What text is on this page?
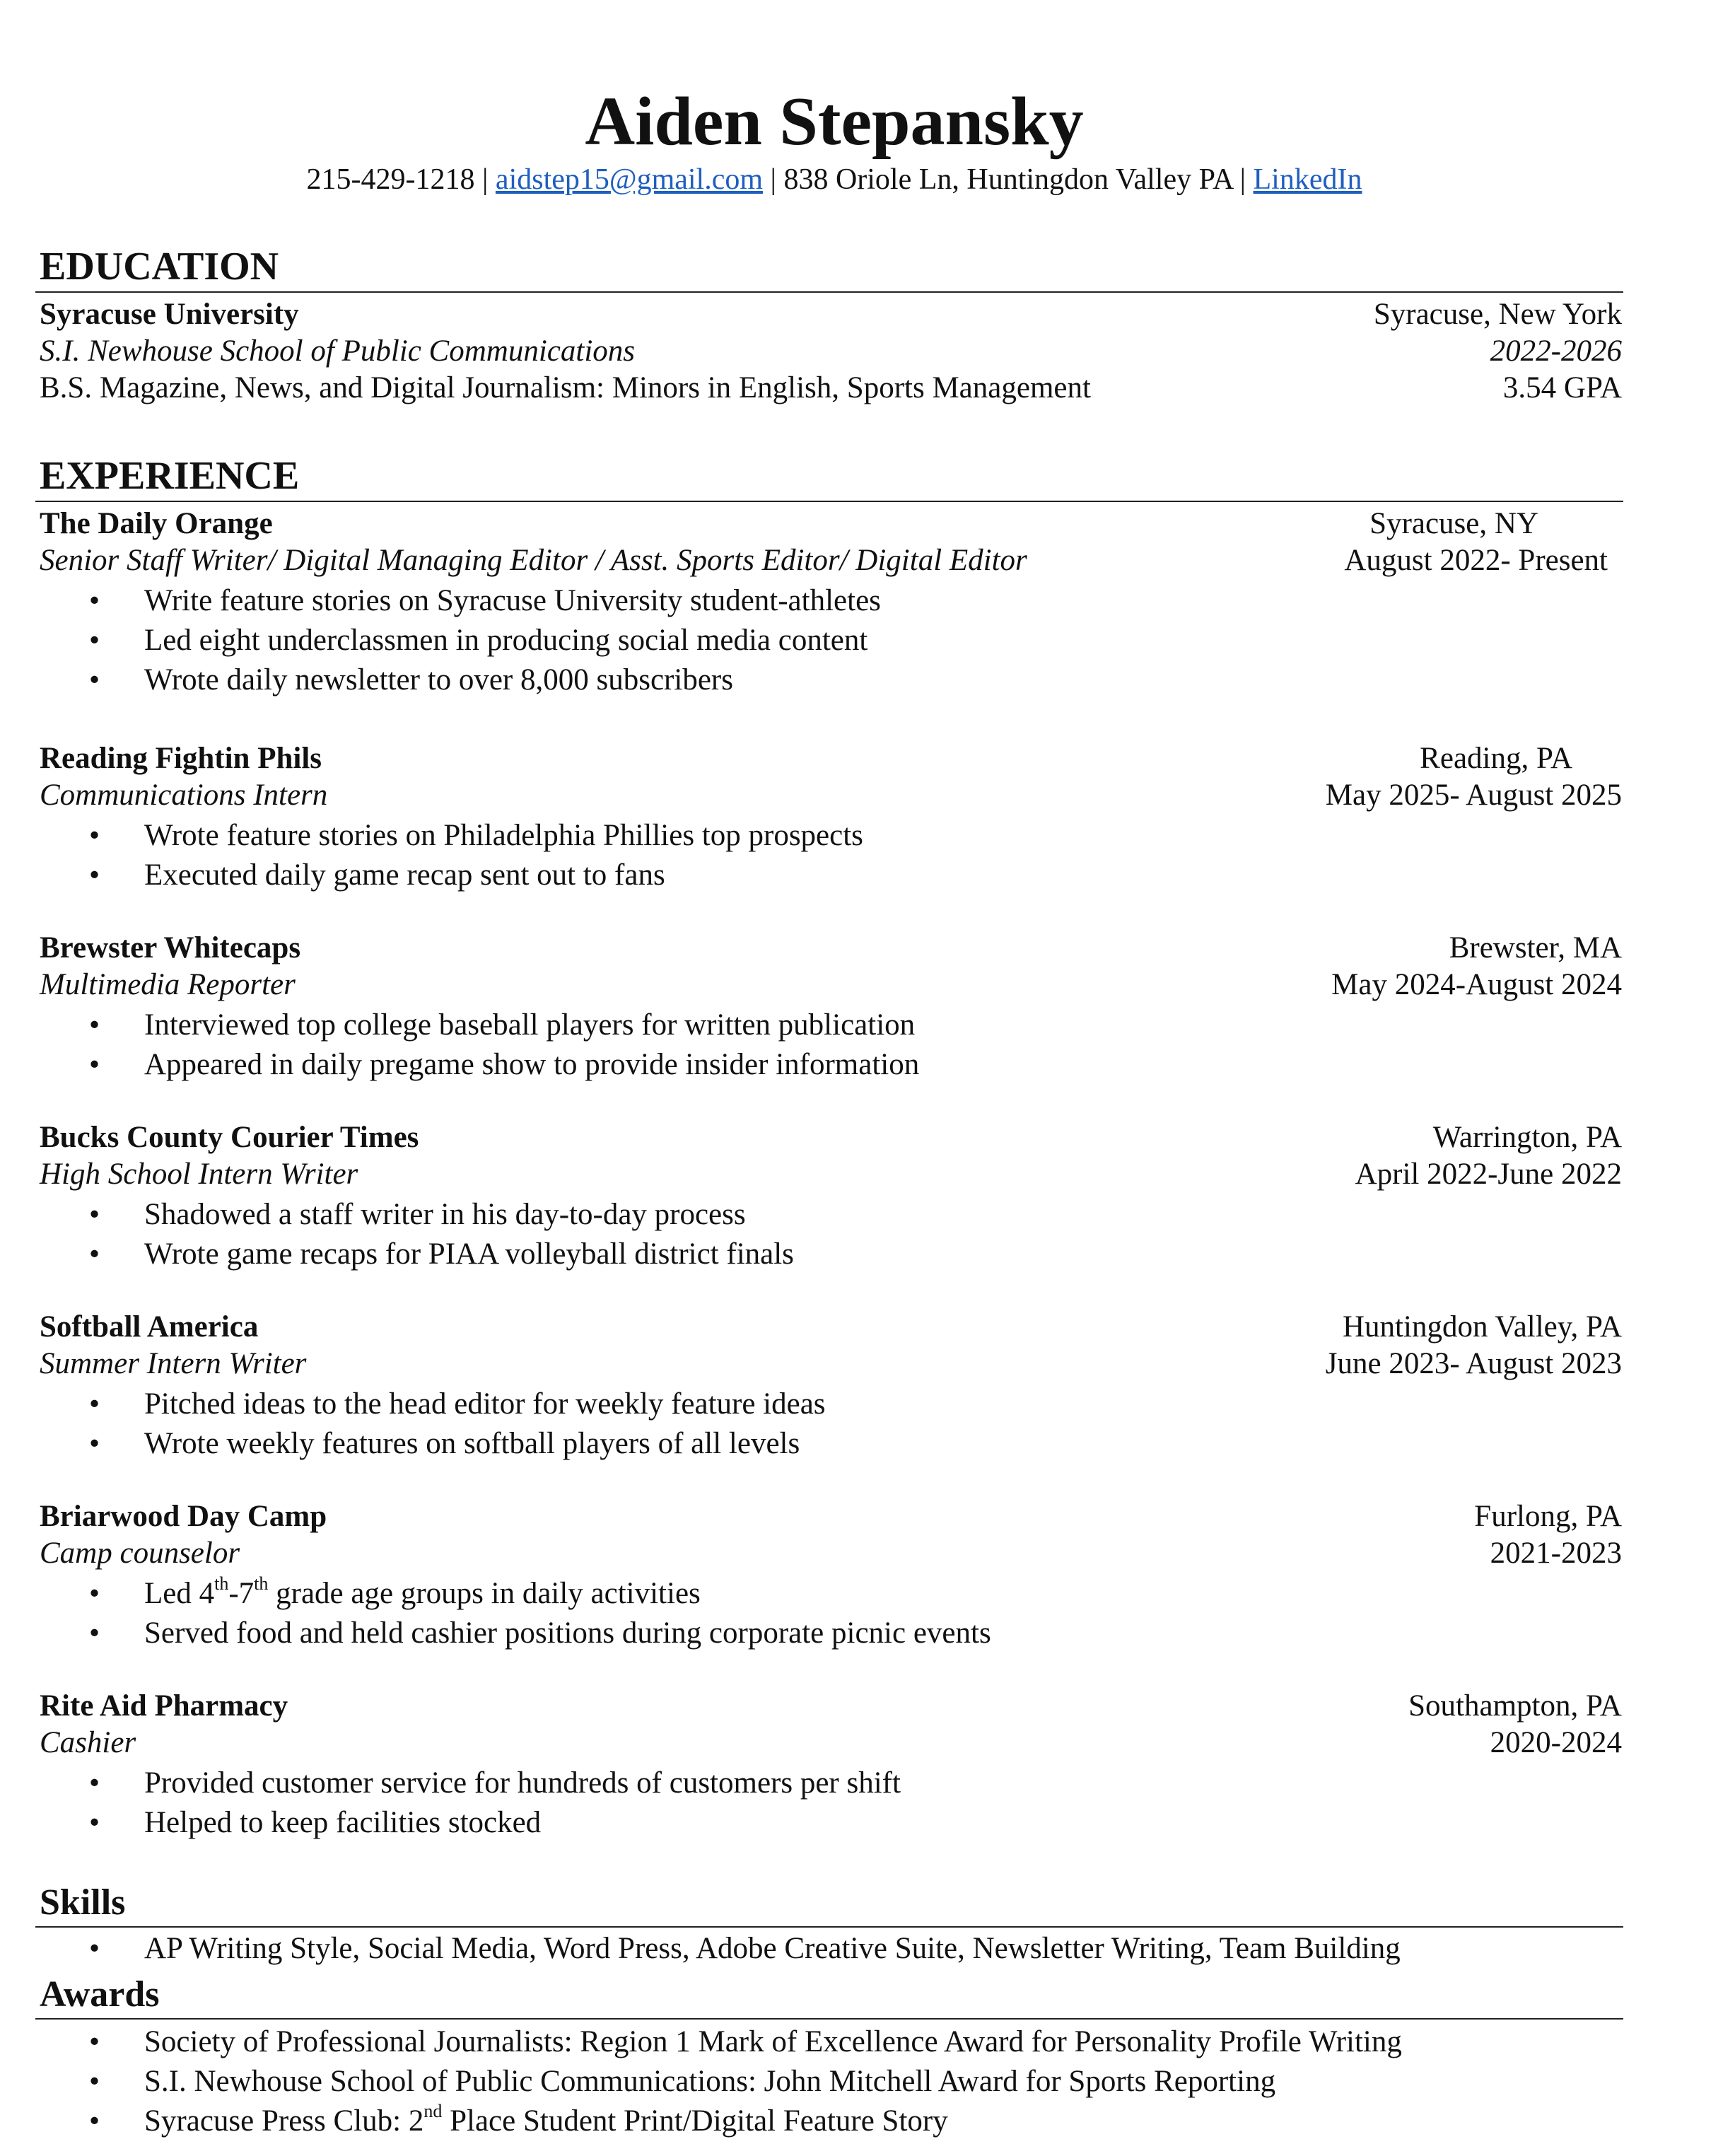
Aiden Stepansky
215-429-1218 | aidstep15@gmail.com | 838 Oriole Ln, Huntingdon Valley PA | LinkedIn
EDUCATION
Syracuse University	Syracuse, New York
S.I. Newhouse School of Public Communications	2022-2026
B.S. Magazine, News, and Digital Journalism: Minors in English, Sports Management	3.54 GPA
EXPERIENCE
The Daily Orange	Syracuse, NY
Senior Staff Writer/ Digital Managing Editor / Asst. Sports Editor/ Digital Editor	August 2022- Present
•	Write feature stories on Syracuse University student-athletes
•	Led eight underclassmen in producing social media content
•	Wrote daily newsletter to over 8,000 subscribers
Reading Fightin Phils	Reading, PA
Communications Intern	May 2025- August 2025
•	Wrote feature stories on Philadelphia Phillies top prospects
•	Executed daily game recap sent out to fans
Brewster Whitecaps	Brewster, MA
Multimedia Reporter	May 2024-August 2024
•	Interviewed top college baseball players for written publication
•	Appeared in daily pregame show to provide insider information
Bucks County Courier Times	Warrington, PA
High School Intern Writer	April 2022-June 2022
•	Shadowed a staff writer in his day-to-day process
•	Wrote game recaps for PIAA volleyball district finals
Softball America	Huntingdon Valley, PA
Summer Intern Writer	June 2023- August 2023
•	Pitched ideas to the head editor for weekly feature ideas
•	Wrote weekly features on softball players of all levels
Briarwood Day Camp	Furlong, PA
Camp counselor	2021-2023
•	Led 4th-7th grade age groups in daily activities
•	Served food and held cashier positions during corporate picnic events
Rite Aid Pharmacy	Southampton, PA
Cashier	2020-2024
•	Provided customer service for hundreds of customers per shift
•	Helped to keep facilities stocked
Skills
•	AP Writing Style, Social Media, Word Press, Adobe Creative Suite, Newsletter Writing, Team Building
Awards
•	Society of Professional Journalists: Region 1 Mark of Excellence Award for Personality Profile Writing
•	S.I. Newhouse School of Public Communications: John Mitchell Award for Sports Reporting
•	Syracuse Press Club: 2nd Place Student Print/Digital Feature Story
